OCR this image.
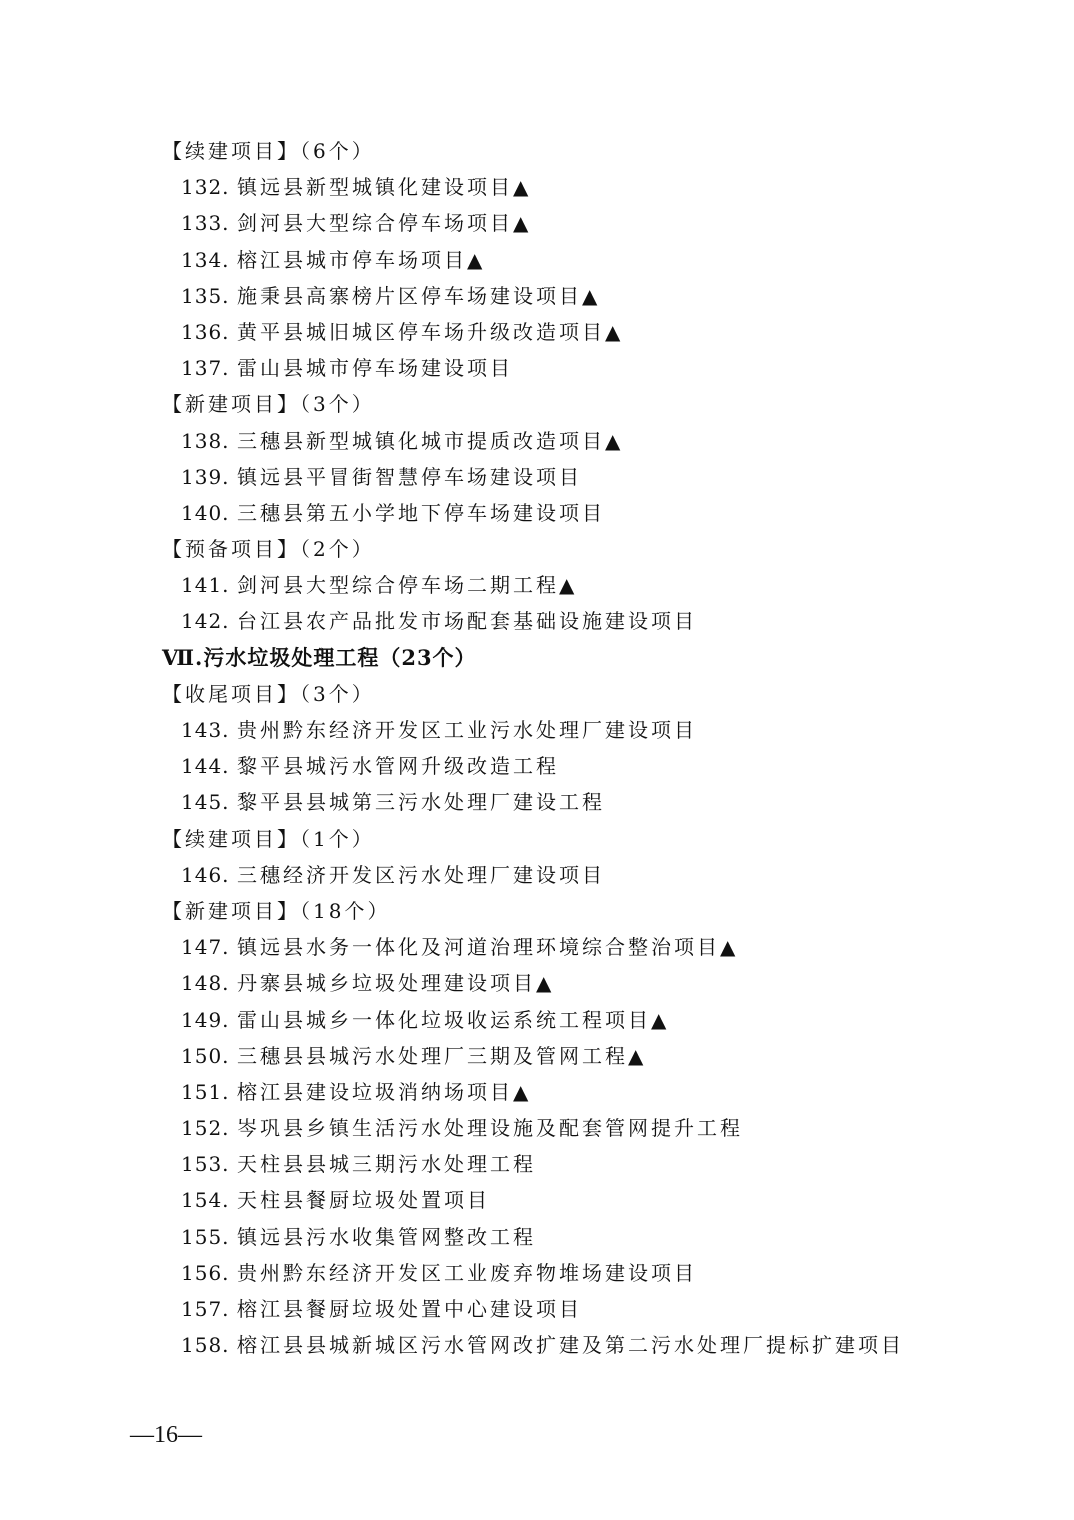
【续建项目】（6个）
132. 镇远县新型城镇化建设项目▲
133. 剑河县大型综合停车场项目▲
134. 榕江县城市停车场项目▲
135. 施秉县高寨榜片区停车场建设项目▲
136. 黄平县城旧城区停车场升级改造项目▲
137. 雷山县城市停车场建设项目
【新建项目】（3个）
138. 三穗县新型城镇化城市提质改造项目▲
139. 镇远县平冒街智慧停车场建设项目
140. 三穗县第五小学地下停车场建设项目
【预备项目】（2个）
141. 剑河县大型综合停车场二期工程▲
142. 台江县农产品批发市场配套基础设施建设项目
Ⅶ.污水垃圾处理工程（23个）
【收尾项目】（3个）
143. 贵州黔东经济开发区工业污水处理厂建设项目
144. 黎平县城污水管网升级改造工程
145. 黎平县县城第三污水处理厂建设工程
【续建项目】（1个）
146. 三穗经济开发区污水处理厂建设项目
【新建项目】（18个）
147. 镇远县水务一体化及河道治理环境综合整治项目▲
148. 丹寨县城乡垃圾处理建设项目▲
149. 雷山县城乡一体化垃圾收运系统工程项目▲
150. 三穗县县城污水处理厂三期及管网工程▲
151. 榕江县建设垃圾消纳场项目▲
152. 岑巩县乡镇生活污水处理设施及配套管网提升工程
153. 天柱县县城三期污水处理工程
154. 天柱县餐厨垃圾处置项目
155. 镇远县污水收集管网整改工程
156. 贵州黔东经济开发区工业废弃物堆场建设项目
157. 榕江县餐厨垃圾处置中心建设项目
158. 榕江县县城新城区污水管网改扩建及第二污水处理厂提标扩建项目
—16—
